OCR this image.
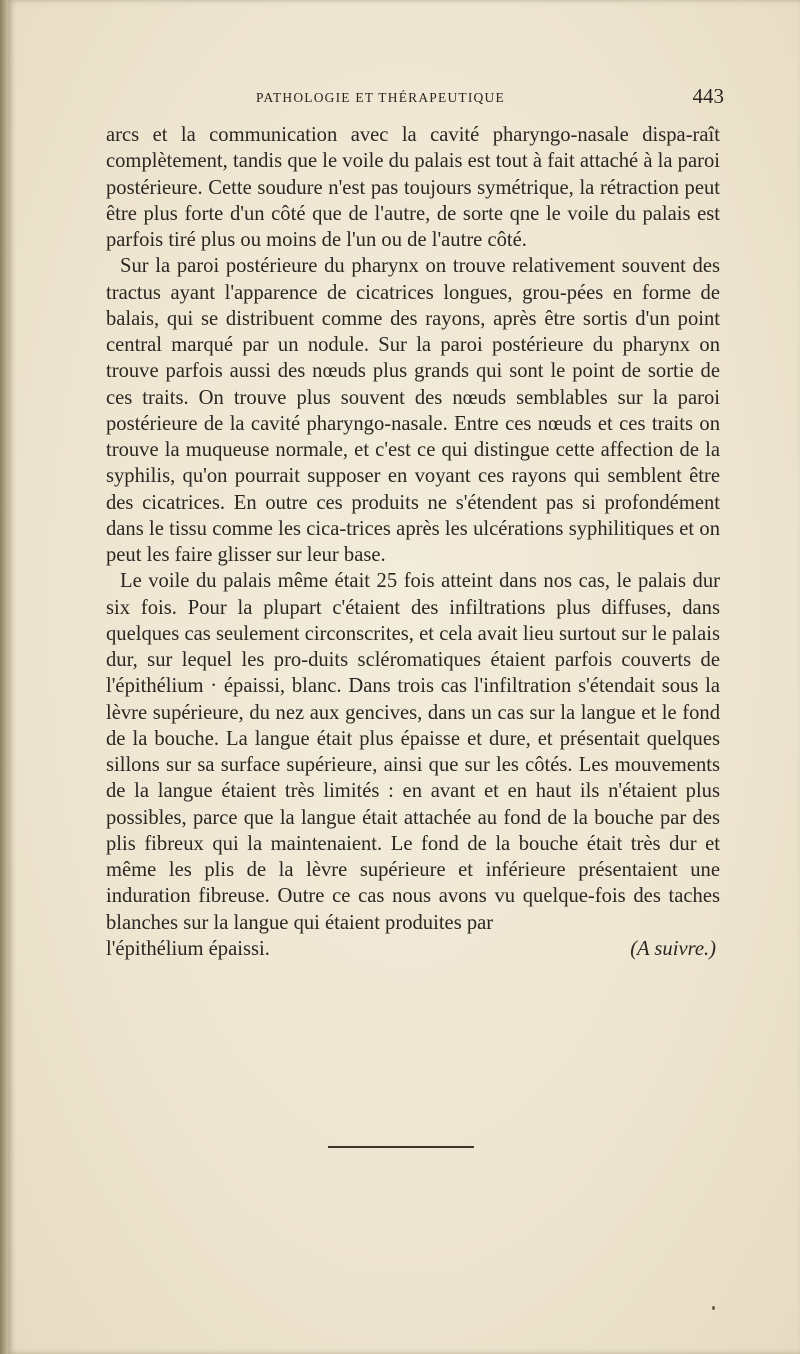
PATHOLOGIE ET THÉRAPEUTIQUE	443

arcs et la communication avec la cavité pharyngo-nasale dispa-raît complètement, tandis que le voile du palais est tout à fait attaché à la paroi postérieure. Cette soudure n'est pas toujours symétrique, la rétraction peut être plus forte d'un côté que de l'autre, de sorte qne le voile du palais est parfois tiré plus ou moins de l'un ou de l'autre côté.

Sur la paroi postérieure du pharynx on trouve relativement souvent des tractus ayant l'apparence de cicatrices longues, grou-pées en forme de balais, qui se distribuent comme des rayons, après être sortis d'un point central marqué par un nodule. Sur la paroi postérieure du pharynx on trouve parfois aussi des nœuds plus grands qui sont le point de sortie de ces traits. On trouve plus souvent des nœuds semblables sur la paroi postérieure de la cavité pharyngo-nasale. Entre ces nœuds et ces traits on trouve la muqueuse normale, et c'est ce qui distingue cette affection de la syphilis, qu'on pourrait supposer en voyant ces rayons qui semblent être des cicatrices. En outre ces produits ne s'étendent pas si profondément dans le tissu comme les cica-trices après les ulcérations syphilitiques et on peut les faire glisser sur leur base.

Le voile du palais même était 25 fois atteint dans nos cas, le palais dur six fois. Pour la plupart c'étaient des infiltrations plus diffuses, dans quelques cas seulement circonscrites, et cela avait lieu surtout sur le palais dur, sur lequel les pro-duits scléromatiques étaient parfois couverts de l'épithélium · épaissi, blanc. Dans trois cas l'infiltration s'étendait sous la lèvre supérieure, du nez aux gencives, dans un cas sur la langue et le fond de la bouche. La langue était plus épaisse et dure, et présentait quelques sillons sur sa surface supérieure, ainsi que sur les côtés. Les mouvements de la langue étaient très limités : en avant et en haut ils n'étaient plus possibles, parce que la langue était attachée au fond de la bouche par des plis fibreux qui la maintenaient. Le fond de la bouche était très dur et même les plis de la lèvre supérieure et inférieure présentaient une induration fibreuse. Outre ce cas nous avons vu quelque-fois des taches blanches sur la langue qui étaient produites par

l'épithélium épaissi.	(A suivre.)
